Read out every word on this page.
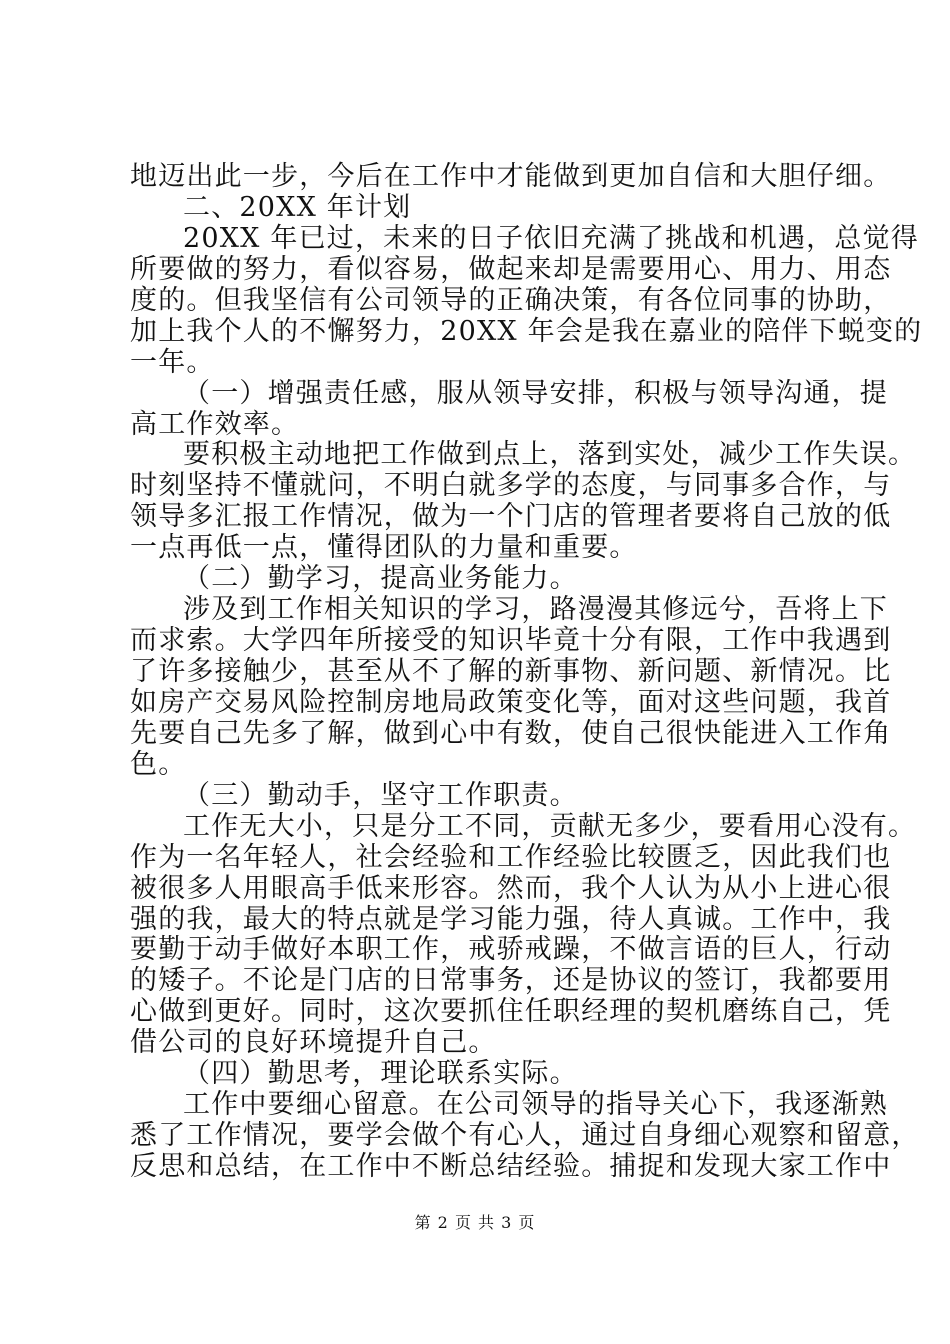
地迈出此一步，今后在工作中才能做到更加自信和大胆仔细。
二、20XX 年计划
20XX 年已过，未来的日子依旧充满了挑战和机遇，总觉得
所要做的努力，看似容易，做起来却是需要用心、用力、用态
度的。但我坚信有公司领导的正确决策，有各位同事的协助，
加上我个人的不懈努力，20XX 年会是我在嘉业的陪伴下蜕变的
一年。
（一）增强责任感，服从领导安排，积极与领导沟通，提
高工作效率。
要积极主动地把工作做到点上，落到实处，减少工作失误。
时刻坚持不懂就问，不明白就多学的态度，与同事多合作，与
领导多汇报工作情况，做为一个门店的管理者要将自己放的低
一点再低一点，懂得团队的力量和重要。
（二）勤学习，提高业务能力。
涉及到工作相关知识的学习，路漫漫其修远兮，吾将上下
而求索。大学四年所接受的知识毕竟十分有限，工作中我遇到
了许多接触少，甚至从不了解的新事物、新问题、新情况。比
如房产交易风险控制房地局政策变化等，面对这些问题，我首
先要自己先多了解，做到心中有数，使自己很快能进入工作角
色。
（三）勤动手，坚守工作职责。
工作无大小，只是分工不同，贡献无多少，要看用心没有。
作为一名年轻人，社会经验和工作经验比较匮乏，因此我们也
被很多人用眼高手低来形容。然而，我个人认为从小上进心很
强的我，最大的特点就是学习能力强，待人真诚。工作中，我
要勤于动手做好本职工作，戒骄戒躁，不做言语的巨人，行动
的矮子。不论是门店的日常事务，还是协议的签订，我都要用
心做到更好。同时，这次要抓住任职经理的契机磨练自己，凭
借公司的良好环境提升自己。
（四）勤思考，理论联系实际。
工作中要细心留意。在公司领导的指导关心下，我逐渐熟
悉了工作情况，要学会做个有心人，通过自身细心观察和留意，
反思和总结，在工作中不断总结经验。捕捉和发现大家工作中
第 2 页 共 3 页
